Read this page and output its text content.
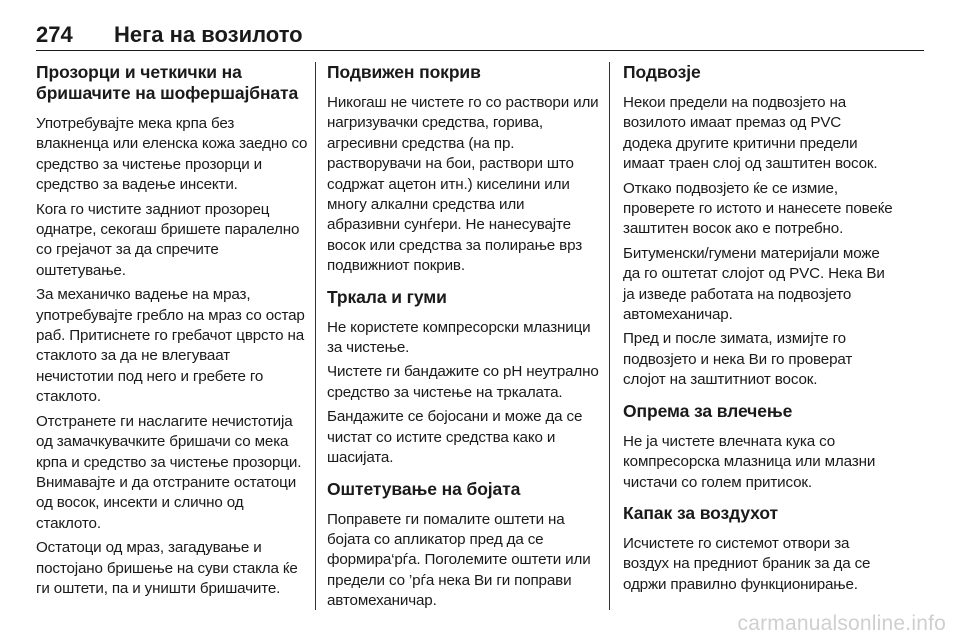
274 Нега на возилото
Прозорци и четкички на бришачите на шофершајбната

Употребувајте мека крпа без влакненца или еленска кожа заедно со средство за чистење прозорци и средство за вадење инсекти.

Кога го чистите задниот прозорец однатре, секогаш бришете паралелно со грејачот за да спречите оштетување.

За механичко вадење на мраз, употребувајте гребло на мраз со остар раб. Притиснете го гребачот цврсто на стаклото за да не влегуваат нечистотии под него и гребете го стаклото.

Отстранете ги наслагите нечистотија од замачкувачките бришачи со мека крпа и средство за чистење прозорци. Внимавајте и да отстраните остатоци од восок, инсекти и слично од стаклото.

Остатоци од мраз, загадување и постојано бришење на суви стакла ќе ги оштети, па и уништи бришачите.

Подвижен покрив

Никогаш не чистете го со раствори или нагризувачки средства, горива, агресивни средства (на пр. растворувачи на бои, раствори што содржат ацетон итн.) киселини или многу алкални средства или абразивни сунѓери. Не нанесувајте восок или средства за полирање врз подвижниот покрив.

Тркала и гуми

Не користете компресорски млазници за чистење.

Чистете ги бандажите со pH неутрално средство за чистење на тркалата.

Бандажите се бојосани и може да се чистат со истите средства како и шасијата.

Оштетување на бојата

Поправете ги помалите оштети на бојата со апликатор пред да се формира‘рѓа. Поголемите оштети или предели со ’рѓа нека Ви ги поправи автомеханичар.

Подвозје

Некои предели на подвозјето на возилото имаат премаз од PVC додека другите критични предели имаат траен слој од заштитен восок.

Откако подвозјето ќе се измие, проверете го истото и нанесете повеќе заштитен восок ако е потребно.

Битуменски/гумени материјали може да го оштетат слојот од PVC. Нека Ви ја изведе работата на подвозјето автомеханичар.

Пред и после зимата, измијте го подвозјето и нека Ви го проверат слојот на заштитниот восок.

Опрема за влечење

Не ја чистете влечната кука со компресорска млазница или млазни чистачи со голем притисок.

Капак за воздухот

Исчистете го системот отвори за воздух на предниот браник за да се одржи правилно функционирање.

carmanualsonline.info
